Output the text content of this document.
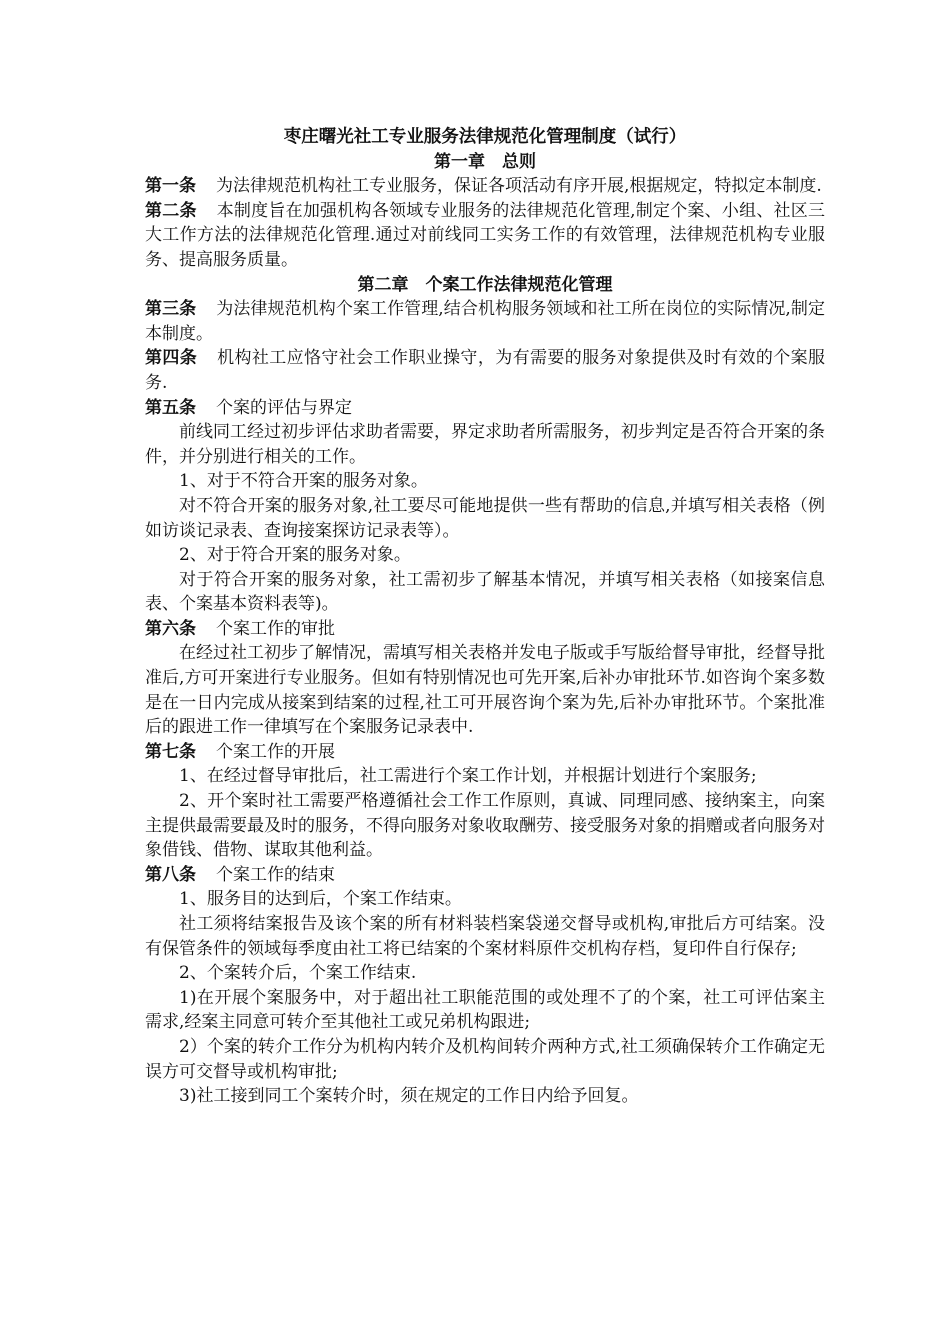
枣庄曙光社工专业服务法律规范化管理制度（试行）

第一章　总则

第一条 为法律规范机构社工专业服务，保证各项活动有序开展,根据规定，特拟定本制度.

第二条 本制度旨在加强机构各领域专业服务的法律规范化管理,制定个案、小组、社区三大工作方法的法律规范化管理.通过对前线同工实务工作的有效管理，法律规范机构专业服务、提高服务质量。

第二章　个案工作法律规范化管理

第三条 为法律规范机构个案工作管理,结合机构服务领域和社工所在岗位的实际情况,制定本制度。

第四条 机构社工应恪守社会工作职业操守，为有需要的服务对象提供及时有效的个案服务.

第五条 个案的评估与界定

前线同工经过初步评估求助者需要，界定求助者所需服务，初步判定是否符合开案的条件，并分别进行相关的工作。

1、对于不符合开案的服务对象。

对不符合开案的服务对象,社工要尽可能地提供一些有帮助的信息,并填写相关表格（例如访谈记录表、查询接案探访记录表等）。

2、对于符合开案的服务对象。

对于符合开案的服务对象，社工需初步了解基本情况，并填写相关表格（如接案信息表、个案基本资料表等)。

第六条 个案工作的审批

在经过社工初步了解情况，需填写相关表格并发电子版或手写版给督导审批，经督导批准后,方可开案进行专业服务。但如有特别情况也可先开案,后补办审批环节.如咨询个案多数是在一日内完成从接案到结案的过程,社工可开展咨询个案为先,后补办审批环节。个案批准后的跟进工作一律填写在个案服务记录表中.

第七条 个案工作的开展

1、在经过督导审批后，社工需进行个案工作计划，并根据计划进行个案服务;

2、开个案时社工需要严格遵循社会工作工作原则，真诚、同理同感、接纳案主，向案主提供最需要最及时的服务，不得向服务对象收取酬劳、接受服务对象的捐赠或者向服务对象借钱、借物、谋取其他利益。

第八条 个案工作的结束

1、服务目的达到后，个案工作结束。

社工须将结案报告及该个案的所有材料装档案袋递交督导或机构,审批后方可结案。没有保管条件的领域每季度由社工将已结案的个案材料原件交机构存档，复印件自行保存;

2、个案转介后，个案工作结束.

1)在开展个案服务中，对于超出社工职能范围的或处理不了的个案，社工可评估案主需求,经案主同意可转介至其他社工或兄弟机构跟进;

2）个案的转介工作分为机构内转介及机构间转介两种方式,社工须确保转介工作确定无误方可交督导或机构审批;

3)社工接到同工个案转介时，须在规定的工作日内给予回复。
